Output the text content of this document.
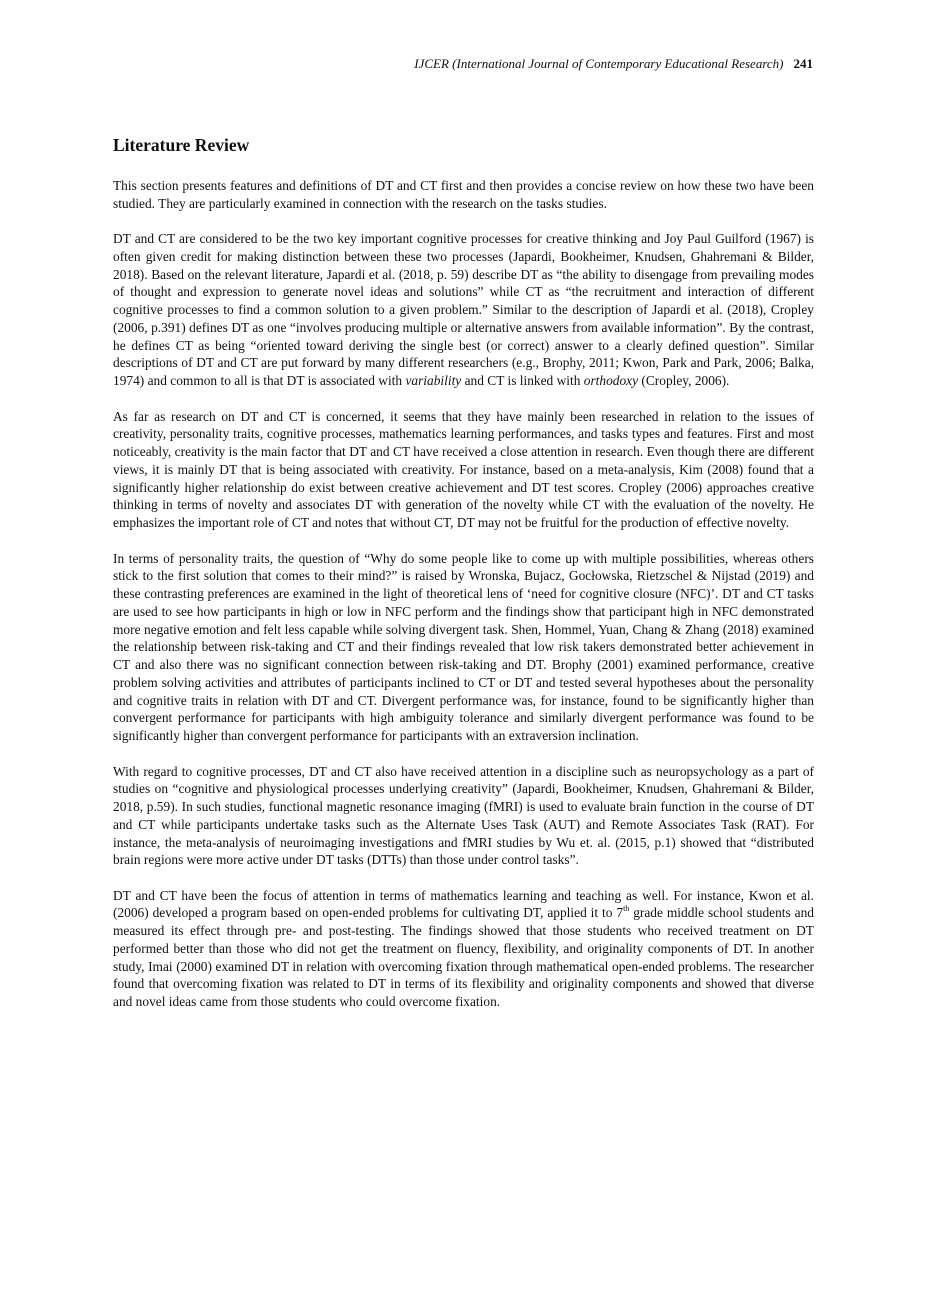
IJCER (International Journal of Contemporary Educational Research) 241
Literature Review

This section presents features and definitions of DT and CT first and then provides a concise review on how these two have been studied. They are particularly examined in connection with the research on the tasks studies.

DT and CT are considered to be the two key important cognitive processes for creative thinking and Joy Paul Guilford (1967) is often given credit for making distinction between these two processes (Japardi, Bookheimer, Knudsen, Ghahremani & Bilder, 2018). Based on the relevant literature, Japardi et al. (2018, p. 59) describe DT as “the ability to disengage from prevailing modes of thought and expression to generate novel ideas and solutions” while CT as “the recruitment and interaction of different cognitive processes to find a common solution to a given problem.” Similar to the description of Japardi et al. (2018), Cropley (2006, p.391) defines DT as one “involves producing multiple or alternative answers from available information”. By the contrast, he defines CT as being “oriented toward deriving the single best (or correct) answer to a clearly defined question”. Similar descriptions of DT and CT are put forward by many different researchers (e.g., Brophy, 2011; Kwon, Park and Park, 2006; Balka, 1974) and common to all is that DT is associated with variability and CT is linked with orthodoxy (Cropley, 2006).

As far as research on DT and CT is concerned, it seems that they have mainly been researched in relation to the issues of creativity, personality traits, cognitive processes, mathematics learning performances, and tasks types and features. First and most noticeably, creativity is the main factor that DT and CT have received a close attention in research. Even though there are different views, it is mainly DT that is being associated with creativity. For instance, based on a meta-analysis, Kim (2008) found that a significantly higher relationship do exist between creative achievement and DT test scores. Cropley (2006) approaches creative thinking in terms of novelty and associates DT with generation of the novelty while CT with the evaluation of the novelty. He emphasizes the important role of CT and notes that without CT, DT may not be fruitful for the production of effective novelty.

In terms of personality traits, the question of “Why do some people like to come up with multiple possibilities, whereas others stick to the first solution that comes to their mind?” is raised by Wronska, Bujacz, Gocłowska, Rietzschel & Nijstad (2019) and these contrasting preferences are examined in the light of theoretical lens of ‘need for cognitive closure (NFC)’. DT and CT tasks are used to see how participants in high or low in NFC perform and the findings show that participant high in NFC demonstrated more negative emotion and felt less capable while solving divergent task. Shen, Hommel, Yuan, Chang & Zhang (2018) examined the relationship between risk-taking and CT and their findings revealed that low risk takers demonstrated better achievement in CT and also there was no significant connection between risk-taking and DT. Brophy (2001) examined performance, creative problem solving activities and attributes of participants inclined to CT or DT and tested several hypotheses about the personality and cognitive traits in relation with DT and CT. Divergent performance was, for instance, found to be significantly higher than convergent performance for participants with high ambiguity tolerance and similarly divergent performance was found to be significantly higher than convergent performance for participants with an extraversion inclination.

With regard to cognitive processes, DT and CT also have received attention in a discipline such as neuropsychology as a part of studies on “cognitive and physiological processes underlying creativity” (Japardi, Bookheimer, Knudsen, Ghahremani & Bilder, 2018, p.59). In such studies, functional magnetic resonance imaging (fMRI) is used to evaluate brain function in the course of DT and CT while participants undertake tasks such as the Alternate Uses Task (AUT) and Remote Associates Task (RAT). For instance, the meta-analysis of neuroimaging investigations and fMRI studies by Wu et. al. (2015, p.1) showed that “distributed brain regions were more active under DT tasks (DTTs) than those under control tasks”.

DT and CT have been the focus of attention in terms of mathematics learning and teaching as well. For instance, Kwon et al. (2006) developed a program based on open-ended problems for cultivating DT, applied it to 7th grade middle school students and measured its effect through pre- and post-testing. The findings showed that those students who received treatment on DT performed better than those who did not get the treatment on fluency, flexibility, and originality components of DT. In another study, Imai (2000) examined DT in relation with overcoming fixation through mathematical open-ended problems. The researcher found that overcoming fixation was related to DT in terms of its flexibility and originality components and showed that diverse and novel ideas came from those students who could overcome fixation.
